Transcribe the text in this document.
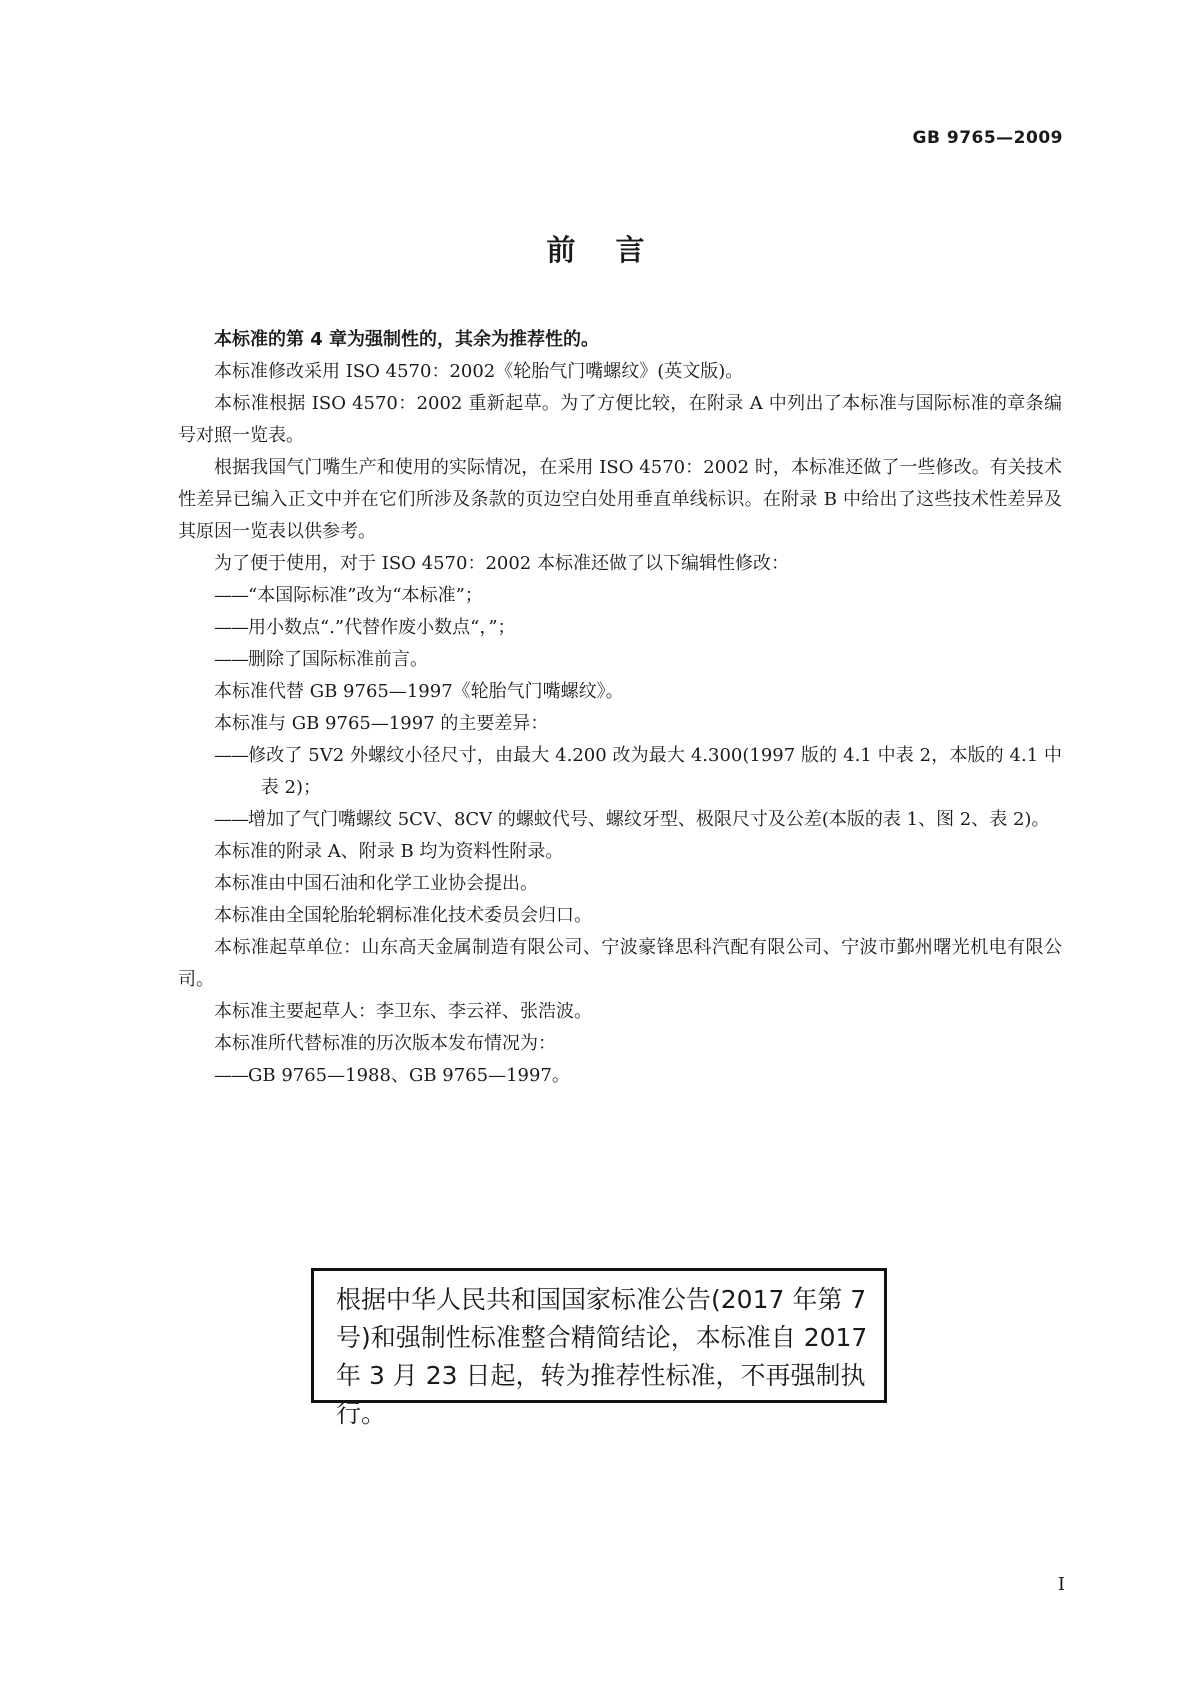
GB 9765—2009
前言

本标准的第 4 章为强制性的，其余为推荐性的。

本标准修改采用 ISO 4570：2002《轮胎气门嘴螺纹》(英文版)。

本标准根据 ISO 4570：2002 重新起草。为了方便比较，在附录 A 中列出了本标准与国际标准的章条编号对照一览表。

根据我国气门嘴生产和使用的实际情况，在采用 ISO 4570：2002 时，本标准还做了一些修改。有关技术性差异已编入正文中并在它们所涉及条款的页边空白处用垂直单线标识。在附录 B 中给出了这些技术性差异及其原因一览表以供参考。

为了便于使用，对于 ISO 4570：2002 本标准还做了以下编辑性修改：

—— “本国际标准”改为“本标准”；

—— 用小数点“.”代替作废小数点“，”；

—— 删除了国际标准前言。

本标准代替 GB 9765—1997《轮胎气门嘴螺纹》。

本标准与 GB 9765—1997 的主要差异：

—— 修改了 5V2 外螺纹小径尺寸，由最大 4.200 改为最大 4.300(1997 版的 4.1 中表 2，本版的 4.1 中表 2)；

—— 增加了气门嘴螺纹 5CV、8CV 的螺蚊代号、螺纹牙型、极限尺寸及公差(本版的表 1、图 2、表 2)。

本标准的附录 A、附录 B 均为资料性附录。

本标准由中国石油和化学工业协会提出。

本标准由全国轮胎轮辋标准化技术委员会归口。

本标准起草单位：山东高天金属制造有限公司、宁波豪锋思科汽配有限公司、宁波市鄞州曙光机电有限公司。

本标准主要起草人：李卫东、李云祥、张浩波。

本标准所代替标准的历次版本发布情况为：

—— GB 9765—1988、GB 9765—1997。

根据中华人民共和国国家标准公告(2017 年第 7 号)和强制性标准整合精简结论，本标准自 2017 年 3 月 23 日起，转为推荐性标准，不再强制执行。
I
